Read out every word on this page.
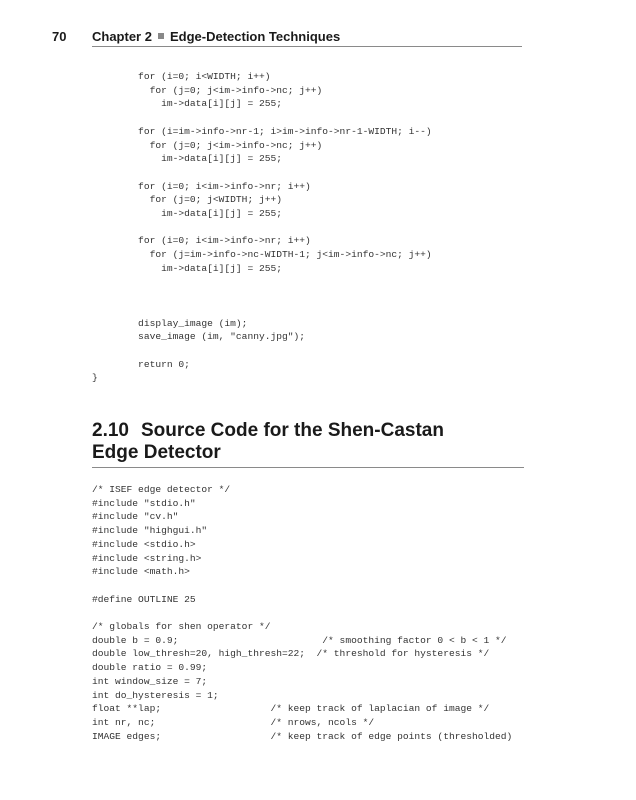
70 Chapter 2 Edge-Detection Techniques
for (i=0; i<WIDTH; i++)
for (j=0; j<im->info->nc; j++)
im->data[i][j] = 255;

for (i=im->info->nr-1; i>im->info->nr-1-WIDTH; i--)
for (j=0; j<im->info->nc; j++)
im->data[i][j] = 255;

for (i=0; i<im->info->nr; i++)
for (j=0; j<WIDTH; j++)
im->data[i][j] = 255;

for (i=0; i<im->info->nr; i++)
for (j=im->info->nc-WIDTH-1; j<im->info->nc; j++)
im->data[i][j] = 255;

display_image (im);
save_image (im, "canny.jpg");

return 0;
}
2.10 Source Code for the Shen-Castan
Edge Detector
/* ISEF edge detector */
#include "stdio.h"
#include "cv.h"
#include "highgui.h"
#include <stdio.h>
#include <string.h>
#include <math.h>

#define OUTLINE 25

/* globals for shen operator */
double b = 0.9;                         /* smoothing factor 0 < b < 1 */
double low_thresh=20, high_thresh=22;  /* threshold for hysteresis */
double ratio = 0.99;
int window_size = 7;
int do_hysteresis = 1;
float **lap;                   /* keep track of laplacian of image */
int nr, nc;                    /* nrows, ncols */
IMAGE edges;                   /* keep track of edge points (thresholded)
